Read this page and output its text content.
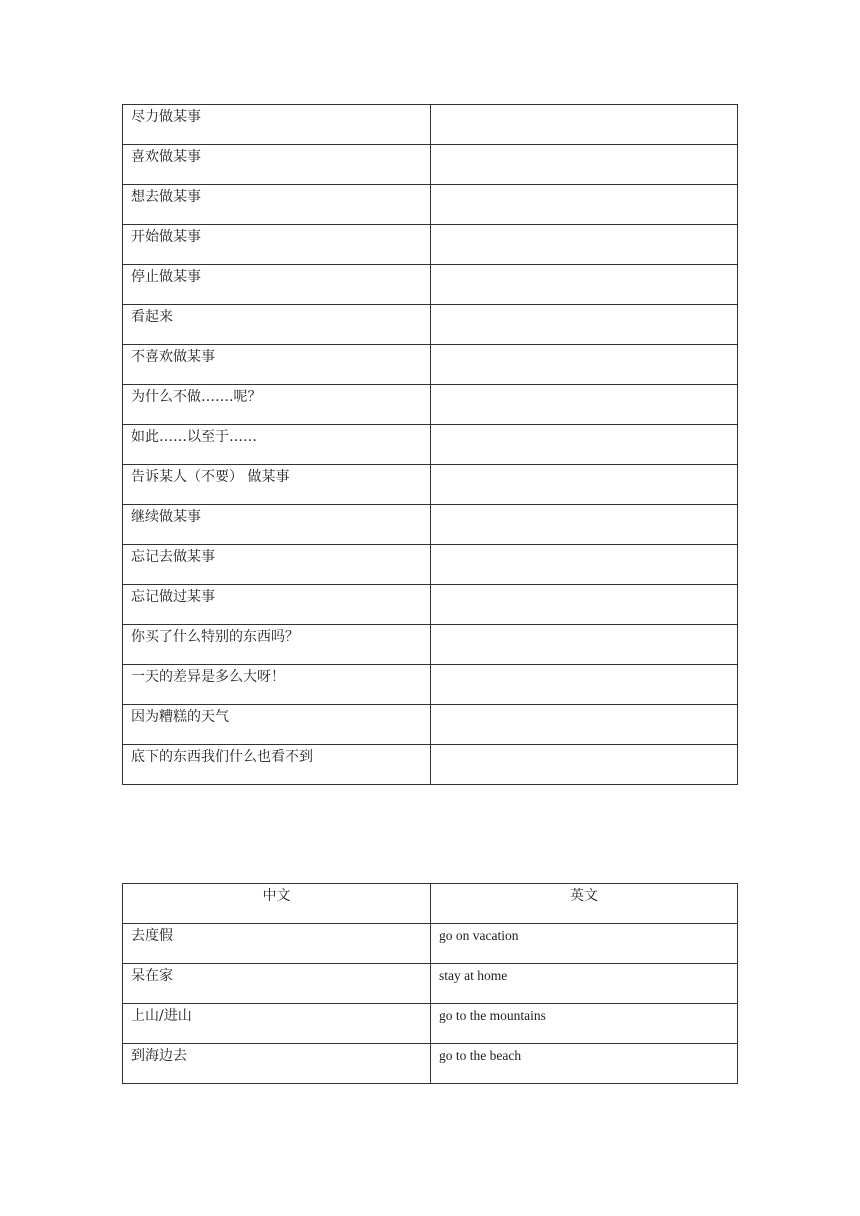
尽力做某事	
喜欢做某事	
想去做某事	
开始做某事	
停止做某事	
看起来	
不喜欢做某事	
为什么不做…….呢？	
如此……以至于……	
告诉某人（不要） 做某事	
继续做某事	
忘记去做某事	
忘记做过某事	
你买了什么特别的东西吗？	
一天的差异是多么大呀！	
因为糟糕的天气	
底下的东西我们什么也看不到	
中文	英文
去度假	go on vacation
呆在家	stay at home
上山/进山	go to the mountains
到海边去	go to the beach
